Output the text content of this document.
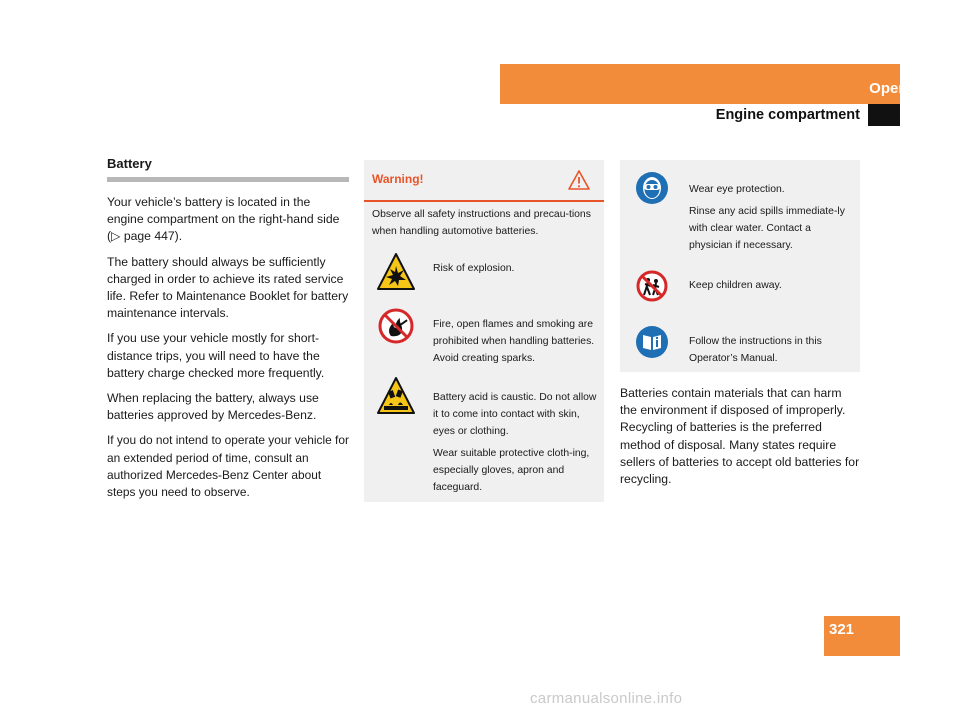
Operation
Engine compartment
Battery

Your vehicle’s battery is located in the engine compartment on the right-hand side (▷ page 447).

The battery should always be sufficiently charged in order to achieve its rated service life. Refer to Maintenance Booklet for battery maintenance intervals.

If you use your vehicle mostly for short-distance trips, you will need to have the battery charge checked more frequently.

When replacing the battery, always use batteries approved by Mercedes-Benz.

If you do not intend to operate your vehicle for an extended period of time, consult an authorized Mercedes-Benz Center about steps you need to observe.

Warning!
Observe all safety instructions and precau-tions when handling automotive batteries.

Risk of explosion.

Fire, open flames and smoking are prohibited when handling batteries. Avoid creating sparks.

Battery acid is caustic. Do not allow it to come into contact with skin, eyes or clothing.

Wear suitable protective cloth-ing, especially gloves, apron and faceguard.

Wear eye protection.

Rinse any acid spills immediate-ly with clear water. Contact a physician if necessary.

Keep children away.

Follow the instructions in this Operator’s Manual.

Batteries contain materials that can harm the environment if disposed of improperly. Recycling of batteries is the preferred method of disposal. Many states require sellers of batteries to accept old batteries for recycling.

321
carmanualsonline.info
